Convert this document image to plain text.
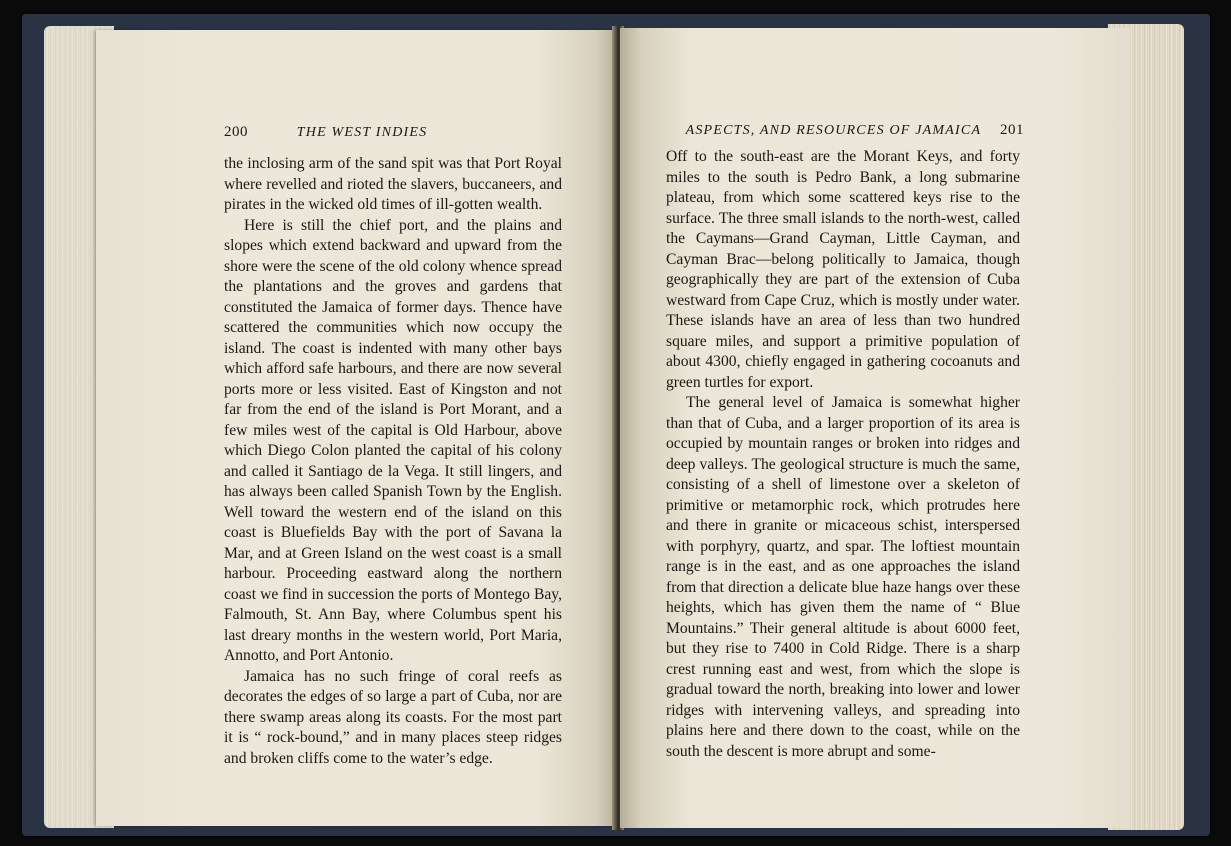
200	THE WEST INDIES

the inclosing arm of the sand spit was that Port Royal where revelled and rioted the slavers, buccaneers, and pirates in the wicked old times of ill-gotten wealth.

Here is still the chief port, and the plains and slopes which extend backward and upward from the shore were the scene of the old colony whence spread the plantations and the groves and gardens that constituted the Jamaica of former days. Thence have scattered the communities which now occupy the island. The coast is indented with many other bays which afford safe harbours, and there are now several ports more or less visited. East of Kingston and not far from the end of the island is Port Morant, and a few miles west of the capital is Old Harbour, above which Diego Colon planted the capital of his colony and called it Santiago de la Vega. It still lingers, and has always been called Spanish Town by the English. Well toward the western end of the island on this coast is Bluefields Bay with the port of Savana la Mar, and at Green Island on the west coast is a small harbour. Proceeding eastward along the northern coast we find in succession the ports of Montego Bay, Falmouth, St. Ann Bay, where Columbus spent his last dreary months in the western world, Port Maria, Annotto, and Port Antonio.

Jamaica has no such fringe of coral reefs as decorates the edges of so large a part of Cuba, nor are there swamp areas along its coasts. For the most part it is “ rock-bound,” and in many places steep ridges and broken cliffs come to the water’s edge.

ASPECTS, AND RESOURCES OF JAMAICA 201

Off to the south-east are the Morant Keys, and forty miles to the south is Pedro Bank, a long submarine plateau, from which some scattered keys rise to the surface. The three small islands to the north-west, called the Caymans—Grand Cayman, Little Cayman, and Cayman Brac—belong politically to Jamaica, though geographically they are part of the extension of Cuba westward from Cape Cruz, which is mostly under water. These islands have an area of less than two hundred square miles, and support a primitive population of about 4300, chiefly engaged in gathering cocoanuts and green turtles for export.

The general level of Jamaica is somewhat higher than that of Cuba, and a larger proportion of its area is occupied by mountain ranges or broken into ridges and deep valleys. The geological structure is much the same, consisting of a shell of limestone over a skeleton of primitive or metamorphic rock, which protrudes here and there in granite or micaceous schist, interspersed with porphyry, quartz, and spar. The loftiest mountain range is in the east, and as one approaches the island from that direction a delicate blue haze hangs over these heights, which has given them the name of “ Blue Mountains.” Their general altitude is about 6000 feet, but they rise to 7400 in Cold Ridge. There is a sharp crest running east and west, from which the slope is gradual toward the north, breaking into lower and lower ridges with intervening valleys, and spreading into plains here and there down to the coast, while on the south the descent is more abrupt and some-
